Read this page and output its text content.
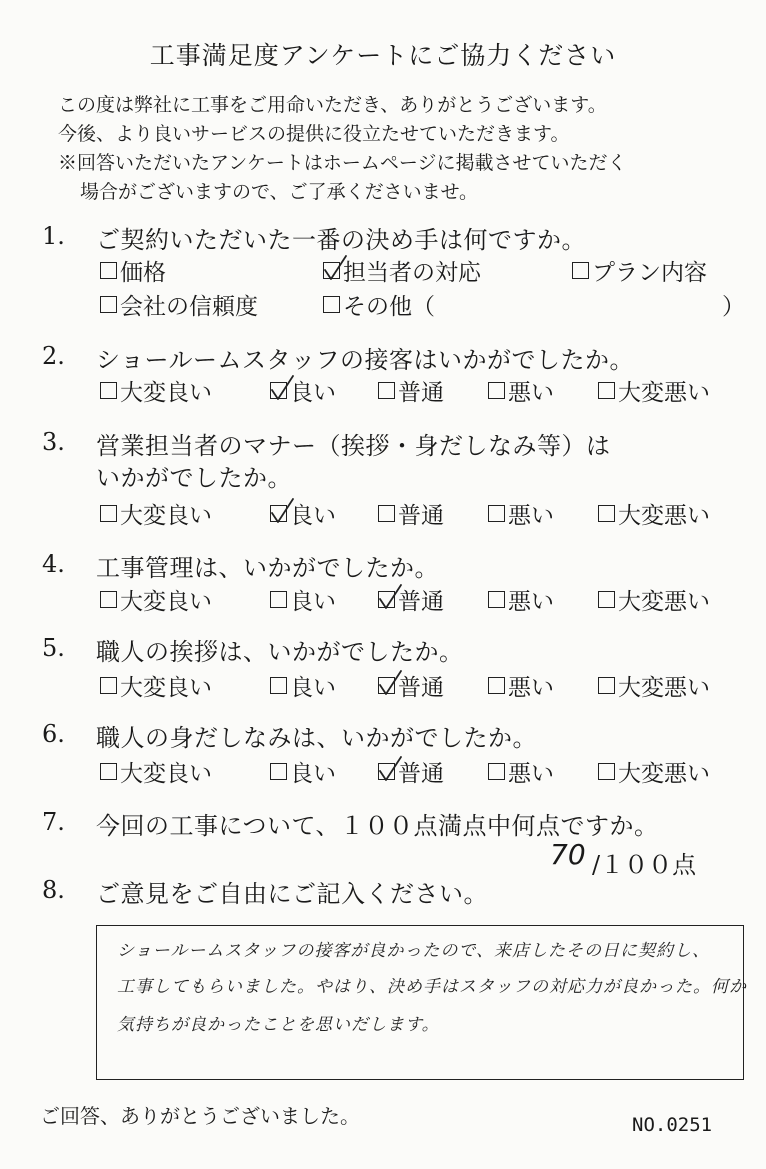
工事満足度アンケートにご協力ください
この度は弊社に工事をご用命いただき、ありがとうございます。
今後、より良いサービスの提供に役立たせていただきます。
※回答いただいたアンケートはホームページに掲載させていただく
場合がございますので、ご了承くださいませ。
1. ご契約いただいた一番の決め手は何ですか。
価格	担当者の対応	プラン内容
会社の信頼度	その他（	）
2. ショールームスタッフの接客はいかがでしたか。
大変良い	良い	普通	悪い	大変悪い
3. 営業担当者のマナー（挨拶・身だしなみ等）は
いかがでしたか。
大変良い	良い	普通	悪い	大変悪い
4. 工事管理は、いかがでしたか。
大変良い	良い	普通	悪い	大変悪い
5. 職人の挨拶は、いかがでしたか。
大変良い	良い	普通	悪い	大変悪い
6. 職人の身だしなみは、いかがでしたか。
大変良い	良い	普通	悪い	大変悪い
7. 今回の工事について、１００点満点中何点ですか。
70 /１００点
8. ご意見をご自由にご記入ください。
ショールームスタッフの接客が良かったので、来店したその日に契約し、
工事してもらいました。やはり、決め手はスタッフの対応力が良かった。何か
気持ちが良かったことを思いだします。
ご回答、ありがとうございました。	NO.0251
